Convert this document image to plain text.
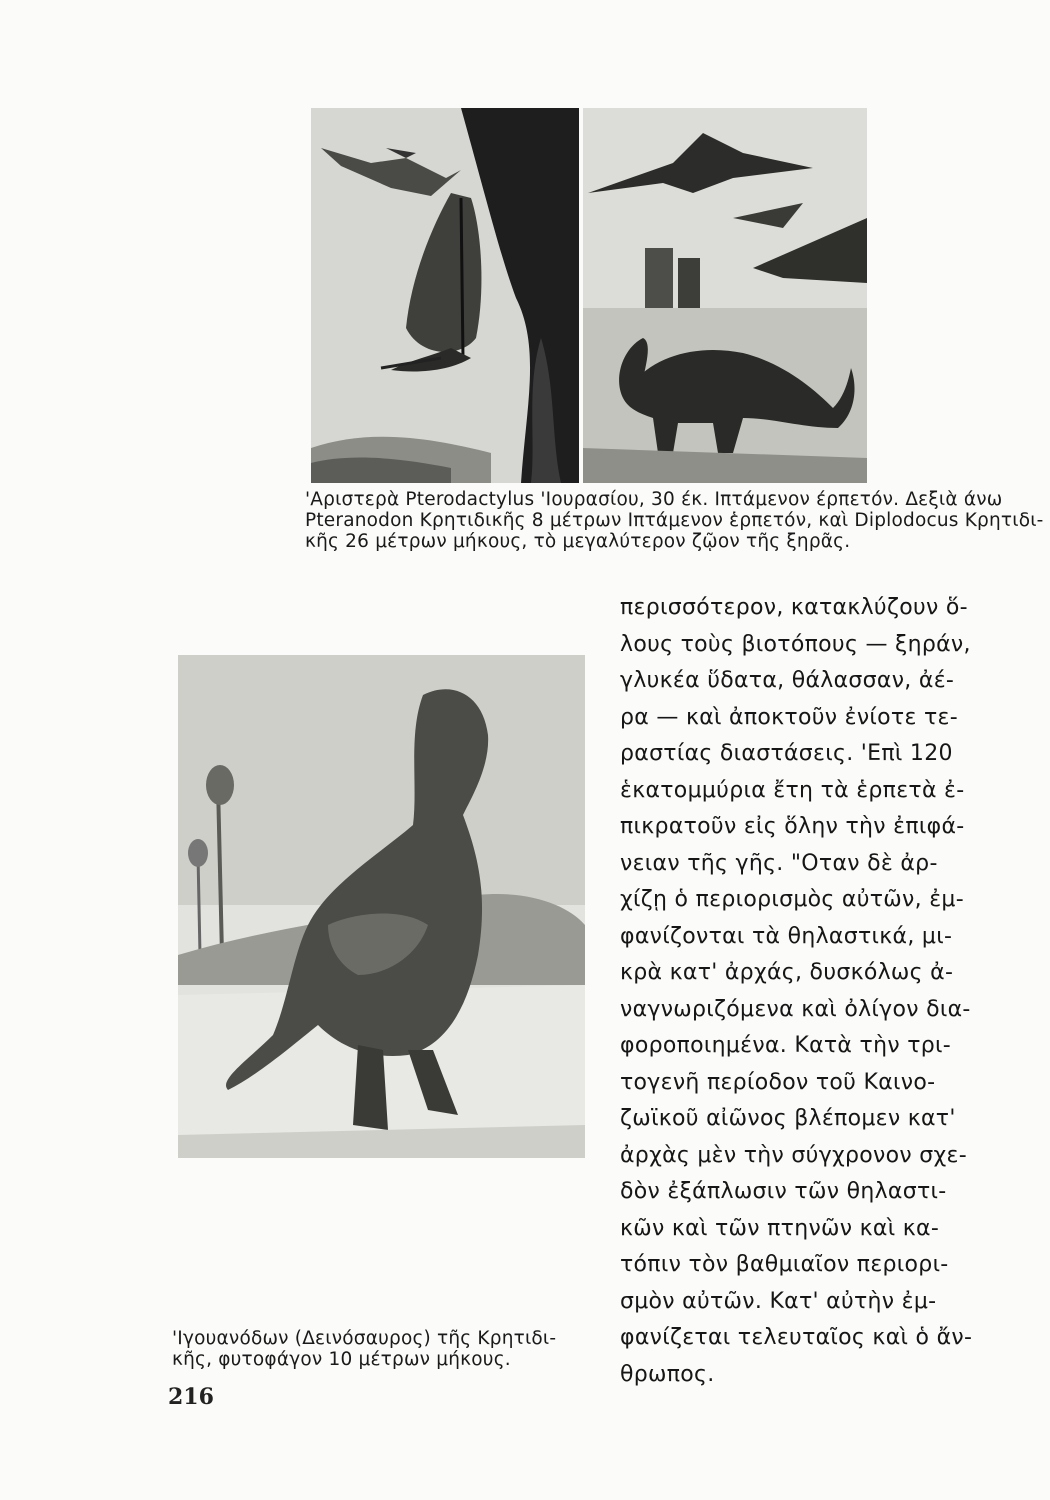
'Αριστερὰ Pterodactylus 'Ιουρασίου, 30 έκ. Ιπτάμενον έρπετόν. Δεξιὰ άνω
Pteranodon Κρητιδικῆς 8 μέτρων Ιπτάμενον ἑρπετόν, καὶ Diplodocus Κρητιδι-
κῆς 26 μέτρων μήκους, τὸ μεγαλύτερον ζῷον τῆς ξηρᾶς.
'Ιγουανόδων (Δεινόσαυρος) τῆς Κρητιδι-
κῆς, φυτοφάγον 10 μέτρων μήκους.
περισσότερον, κατακλύζουν ὅ-
λους τοὺς βιοτόπους — ξηράν,
γλυκέα ὕδατα, θάλασσαν, ἀέ-
ρα — καὶ ἀποκτοῦν ἐνίοτε τε-
ραστίας διαστάσεις. 'Επὶ 120
ἑκατομμύρια ἔτη τὰ ἑρπετὰ ἐ-
πικρατοῦν εἰς ὅλην τὴν ἐπιφά-
νειαν τῆς γῆς. "Οταν δὲ ἀρ-
χίζῃ ὁ περιορισμὸς αὐτῶν, ἐμ-
φανίζονται τὰ θηλαστικά, μι-
κρὰ κατ' ἀρχάς, δυσκόλως ἀ-
ναγνωριζόμενα καὶ ὀλίγον δια-
φοροποιημένα. Κατὰ τὴν τρι-
τογενῆ περίοδον τοῦ Καινο-
ζωϊκοῦ αἰῶνος βλέπομεν κατ'
ἀρχὰς μὲν τὴν σύγχρονον σχε-
δὸν ἐξάπλωσιν τῶν θηλαστι-
κῶν καὶ τῶν πτηνῶν καὶ κα-
τόπιν τὸν βαθμιαῖον περιορι-
σμὸν αὐτῶν. Κατ' αὐτὴν ἐμ-
φανίζεται τελευταῖος καὶ ὁ ἄν-
θρωπος.
216
